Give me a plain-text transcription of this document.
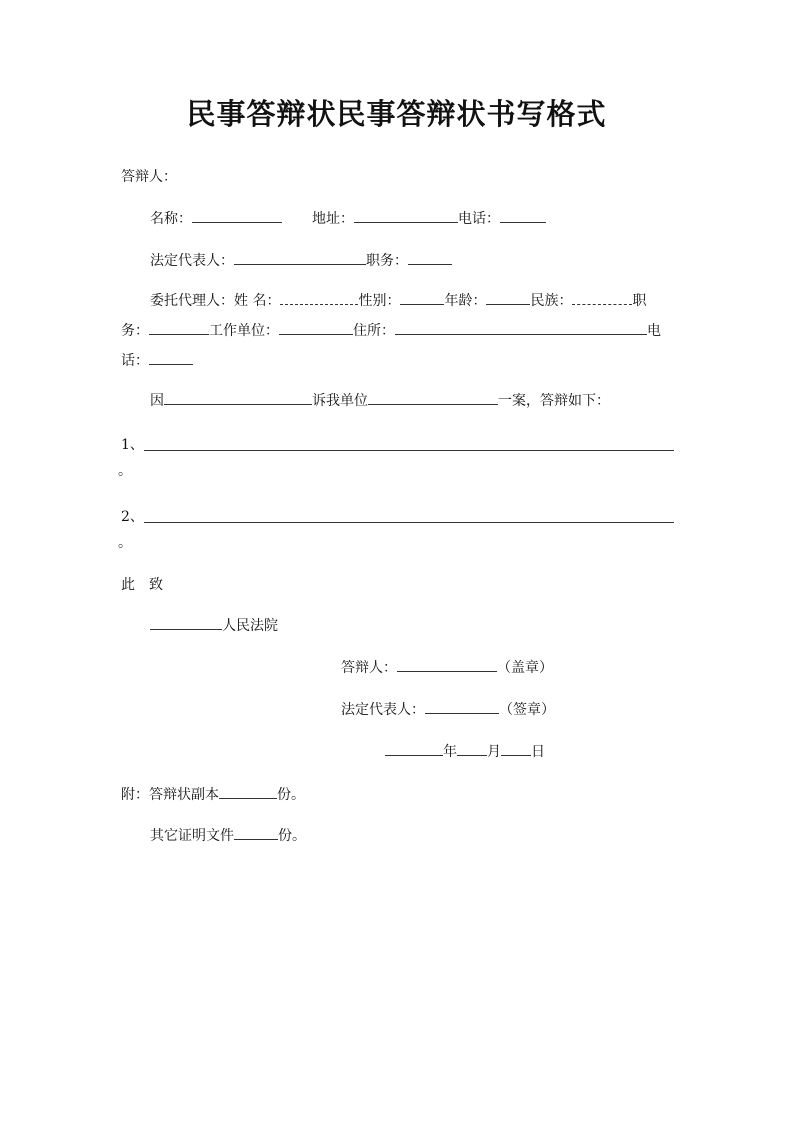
民事答辩状民事答辩状书写格式
答辩人：
名称：	地址：	电话：
法定代表人：	职务：
委托代理人：姓 名：	性别：	年龄：	民族：	职
务：	工作单位：	住所：	电
话：
因	诉我单位	一案，答辩如下：
1、
。
2、
。
此　致
人民法院
答辩人：	（盖章）
法定代表人：	（签章）
年 月 日
附：答辩状副本	份。
其它证明文件	份。
